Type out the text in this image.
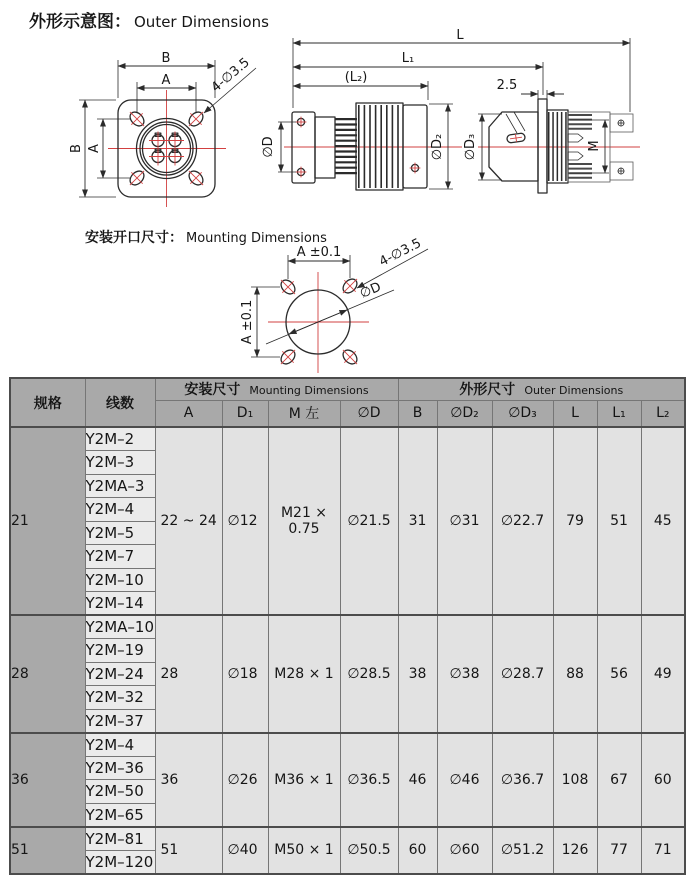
外形示意图： Outer Dimensions
安装开口尺寸： Mounting Dimensions
B
A
B A
4-∅3.5
∅D	∅D₂
L
L₁
(L₂)
M
∅D₃
2.5
A ±0.1
A ±0.1
4-∅3.5
∅D
规格	线数	安装尺寸 Mounting Dimensions				外形尺寸 Outer Dimensions					
		A	D₁	M 左	∅D	B	∅D₂	∅D₃	L	L₁	L₂
21	Y2M–2	22 ~ 24	∅12	M21 × 0.75	∅21.5	31	∅31	∅22.7	79	51	45
	Y2M–3										
	Y2MA–3										
	Y2M–4										
	Y2M–5										
	Y2M–7										
	Y2M–10										
	Y2M–14										
28	Y2MA–10	28	∅18	M28 × 1	∅28.5	38	∅38	∅28.7	88	56	49
	Y2M–19										
	Y2M–24										
	Y2M–32										
	Y2M–37										
36	Y2M–4	36	∅26	M36 × 1	∅36.5	46	∅46	∅36.7	108	67	60
	Y2M–36										
	Y2M–50										
	Y2M–65										
51	Y2M–81	51	∅40	M50 × 1	∅50.5	60	∅60	∅51.2	126	77	71
	Y2M–120										
